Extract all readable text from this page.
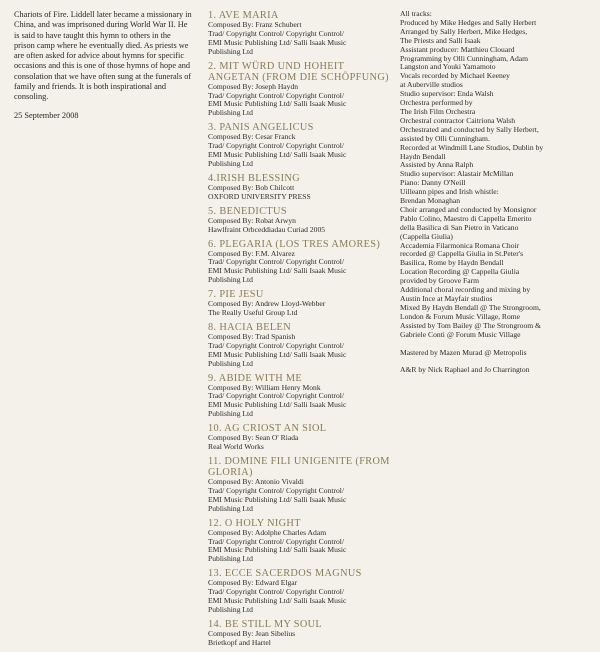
Chariots of Fire. Liddell later became a missionary in China, and was imprisoned during World War II. He is said to have taught this hymn to others in the prison camp where he eventually died. As priests we are often asked for advice about hymns for specific occasions and this is one of those hymns of hope and consolation that we have often sung at the funerals of family and friends. It is both inspirational and consoling.

25 September 2008

1. AVE MARIA

Composed By: Franz Schubert

Trad/ Copyright Control/ Copyright Control/

EMI Music Publishing Ltd/ Salli Isaak Music

Publishing Ltd

2. MIT WÜRD UND HOHEIT ANGETAN (FROM DIE SCHÖPFUNG)

Composed By: Joseph Haydn

Trad/ Copyright Control/ Copyright Control/

EMI Music Publishing Ltd/ Salli Isaak Music

Publishing Ltd

3. PANIS ANGELICUS

Composed By: Cesar Franck

Trad/ Copyright Control/ Copyright Control/

EMI Music Publishing Ltd/ Salli Isaak Music

Publishing Ltd

4.IRISH BLESSING

Composed By: Bob Chilcott

OXFORD UNIVERSITY PRESS

5. BENEDICTUS

Composed By: Robat Arwyn

Hawlfraint Orbceddiadau Curiad 2005

6. PLEGARIA (LOS TRES AMORES)

Composed By: F.M. Alvarez

Trad/ Copyright Control/ Copyright Control/

EMI Music Publishing Ltd/ Salli Isaak Music

Publishing Ltd

7. PIE JESU

Composed By: Andrew Lloyd-Webber

The Really Useful Group Ltd

8. HACIA BELEN

Composed By: Trad Spanish

Trad/ Copyright Control/ Copyright Control/

EMI Music Publishing Ltd/ Salli Isaak Music

Publishing Ltd

9. ABIDE WITH ME

Composed By: William Henry Monk

Trad/ Copyright Control/ Copyright Control/

EMI Music Publishing Ltd/ Salli Isaak Music

Publishing Ltd

10. AG CRIOST AN SIOL

Composed By: Sean O' Riada

Real World Works

11. DOMINE FILI UNIGENITE (FROM GLORIA)

Composed By: Antonio Vivaldi

Trad/ Copyright Control/ Copyright Control/

EMI Music Publishing Ltd/ Salli Isaak Music

Publishing Ltd

12. O HOLY NIGHT

Composed By: Adolphe Charles Adam

Trad/ Copyright Control/ Copyright Control/

EMI Music Publishing Ltd/ Salli Isaak Music

Publishing Ltd

13. ECCE SACERDOS MAGNUS

Composed By: Edward Elgar

Trad/ Copyright Control/ Copyright Control/

EMI Music Publishing Ltd/ Salli Isaak Music

Publishing Ltd

14. BE STILL MY SOUL

Composed By: Jean Sibelius

Brietkopf and Hartel

All tracks:

Produced by Mike Hedges and Sally Herbert

Arranged by Sally Herbert, Mike Hedges,

The Priests and Salli Isaak

Assistant producer: Matthieu Clouard

Programming by Olli Cunningham, Adam

Langston and Youki Yamamoto

Vocals recorded by Michael Keeney

at Auberville studios

Studio supervisor: Enda Walsh

Orchestra performed by

The Irish Film Orchestra

Orchestral contractor Caitriona Walsh

Orchestrated and conducted by Sally Herbert,

assisted by Olli Cunningham.

Recorded at Windmill Lane Studios, Dublin by

Haydn Bendall

Assisted by Anna Ralph

Studio supervisor: Alastair McMillan

Piano: Danny O'Neill

Uilleann pipes and Irish whistle:

Brendan Monaghan

Choir arranged and conducted by Monsignor

Pablo Colino, Maestro di Cappella Emerito

della Basilica di San Pietro in Vaticano

(Cappella Giulia)

Accademia Filarmonica Romana Choir

recorded @ Cappella Giulia in St.Peter's

Basilica, Rome by Haydn Bendall

Location Recording @ Cappella Giulia

provided by Groove Farm

Additional choral recording and mixing by

Austin Ince at Mayfair studios

Mixed By Haydn Bendall @ The Strongroom,

London & Forum Music Village, Rome

Assisted by Tom Bailey @ The Strongroom &

Gabriele Conti @ Forum Music Village

Mastered by Mazen Murad @ Metropolis

A&R by Nick Raphael and Jo Charrington
